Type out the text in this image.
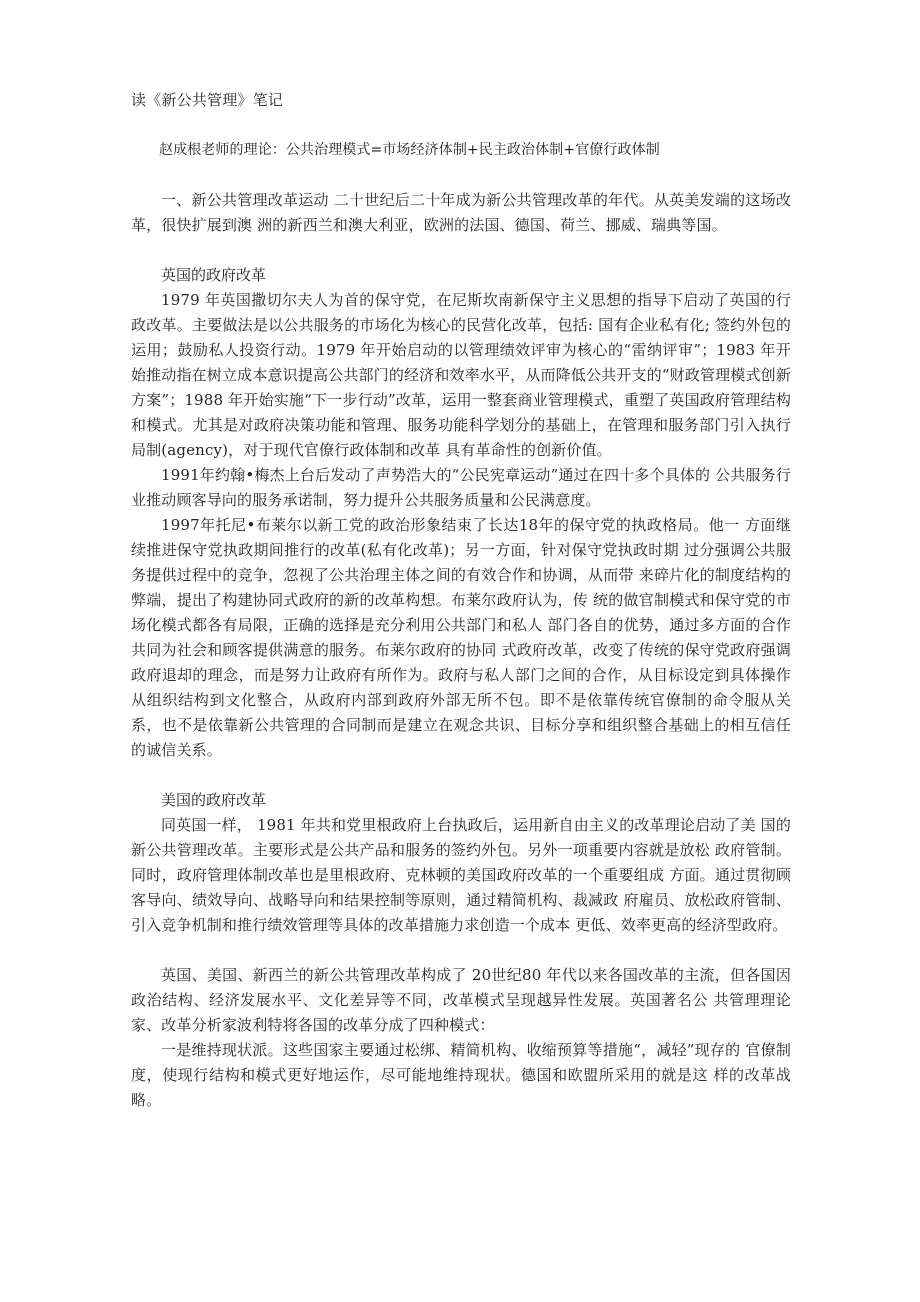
读《新公共管理》笔记
赵成根老师的理论：公共治理模式=市场经济体制+民主政治体制+官僚行政体制

一、新公共管理改革运动 二十世纪后二十年成为新公共管理改革的年代。从英美发端的这场改革，很快扩展到澳 洲的新西兰和澳大利亚，欧洲的法国、德国、荷兰、挪威、瑞典等国。

英国的政府改革

1979 年英国撒切尔夫人为首的保守党，在尼斯坎南新保守主义思想的指导下启动了英国的行政改革。主要做法是以公共服务的市场化为核心的民营化改革，包括: 国有企业私有化; 签约外包的运用；鼓励私人投资行动。1979 年开始启动的以管理绩效评审为核心的“雷纳评审”；1983 年开始推动指在树立成本意识提高公共部门的经济和效率水平，从而降低公共开支的“财政管理模式创新方案”；1988 年开始实施“下一步行动”改革，运用一整套商业管理模式，重塑了英国政府管理结构和模式。尤其是对政府决策功能和管理、服务功能科学划分的基础上，在管理和服务部门引入执行局制(agency)，对于现代官僚行政体制和改革 具有革命性的创新价值。

1991年约翰•梅杰上台后发动了声势浩大的“公民宪章运动”通过在四十多个具体的 公共服务行业推动顾客导向的服务承诺制，努力提升公共服务质量和公民满意度。

1997年托尼•布莱尔以新工党的政治形象结束了长达18年的保守党的执政格局。他一 方面继续推进保守党执政期间推行的改革(私有化改革)；另一方面，针对保守党执政时期 过分强调公共服务提供过程中的竞争，忽视了公共治理主体之间的有效合作和协调，从而带 来碎片化的制度结构的弊端，提出了构建协同式政府的新的改革构想。布莱尔政府认为，传 统的做官制模式和保守党的市场化模式都各有局限，正确的选择是充分利用公共部门和私人 部门各自的优势，通过多方面的合作共同为社会和顾客提供满意的服务。布莱尔政府的协同 式政府改革，改变了传统的保守党政府强调政府退却的理念，而是努力让政府有所作为。政府与私人部门之间的合作，从目标设定到具体操作从组织结构到文化整合，从政府内部到政府外部无所不包。即不是依靠传统官僚制的命令服从关系，也不是依靠新公共管理的合同制而是建立在观念共识、目标分享和组织整合基础上的相互信任的诚信关系。

美国的政府改革

同英国一样， 1981 年共和党里根政府上台执政后，运用新自由主义的改革理论启动了美 国的新公共管理改革。主要形式是公共产品和服务的签约外包。另外一项重要内容就是放松 政府管制。同时，政府管理体制改革也是里根政府、克林顿的美国政府改革的一个重要组成 方面。通过贯彻顾客导向、绩效导向、战略导向和结果控制等原则，通过精简机构、裁减政 府雇员、放松政府管制、引入竞争机制和推行绩效管理等具体的改革措施力求创造一个成本 更低、效率更高的经济型政府。

英国、美国、新西兰的新公共管理改革构成了 20世纪80 年代以来各国改革的主流，但各国因政治结构、经济发展水平、文化差异等不同，改革模式呈现越异性发展。英国著名公 共管理理论家、改革分析家波利特将各国的改革分成了四种模式：

一是维持现状派。这些国家主要通过松绑、精简机构、收缩预算等措施“，减轻”现存的 官僚制度，使现行结构和模式更好地运作，尽可能地维持现状。德国和欧盟所采用的就是这 样的改革战略。
